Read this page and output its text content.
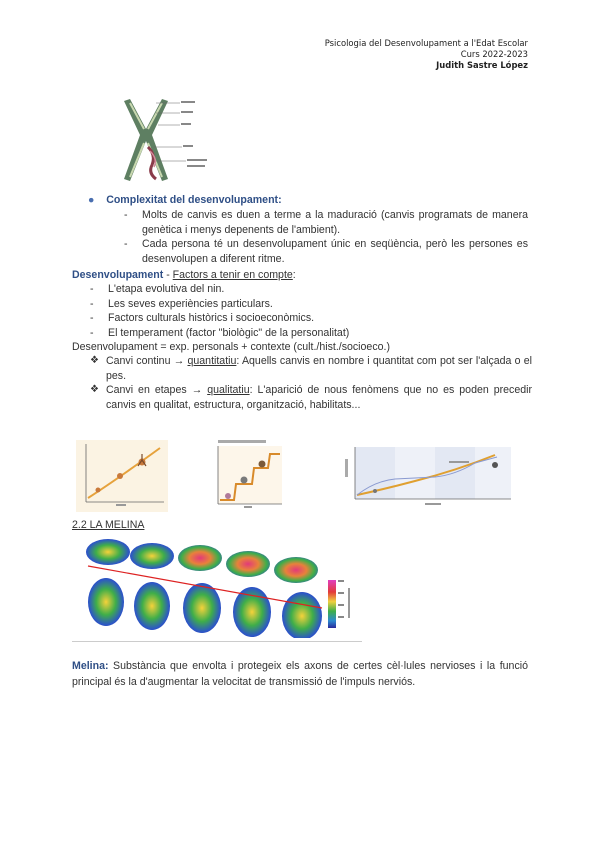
Psicologia del Desenvolupament a l'Edat Escolar
Curs 2022-2023
Judith Sastre López
● Complexitat del desenvolupament:
-	Molts de canvis es duen a terme a la maduració (canvis programats de manera genètica i menys depenents de l'ambient).
-	Cada persona té un desenvolupament únic en seqüència, però les persones es desenvolupen a diferent ritme.
Desenvolupament - Factors a tenir en compte:
- L'etapa evolutiva del nin.
- Les seves experiències particulars.
- Factors culturals històrics i socioeconòmics.
- El temperament (factor "biològic" de la personalitat)
Desenvolupament = exp. personals + contexte (cult./hist./socioeco.)
❖ Canvi continu → quantitatiu: Aquells canvis en nombre i quantitat com pot ser l'alçada o el pes.
❖ Canvi en etapes → qualitatiu: L'aparició de nous fenòmens que no es poden precedir canvis en qualitat, estructura, organització, habilitats...
2.2 LA MELINA
Melina: Substància que envolta i protegeix els axons de certes cèl·lules nervioses i la funció principal és la d'augmentar la velocitat de transmissió de l'impuls nerviós.
